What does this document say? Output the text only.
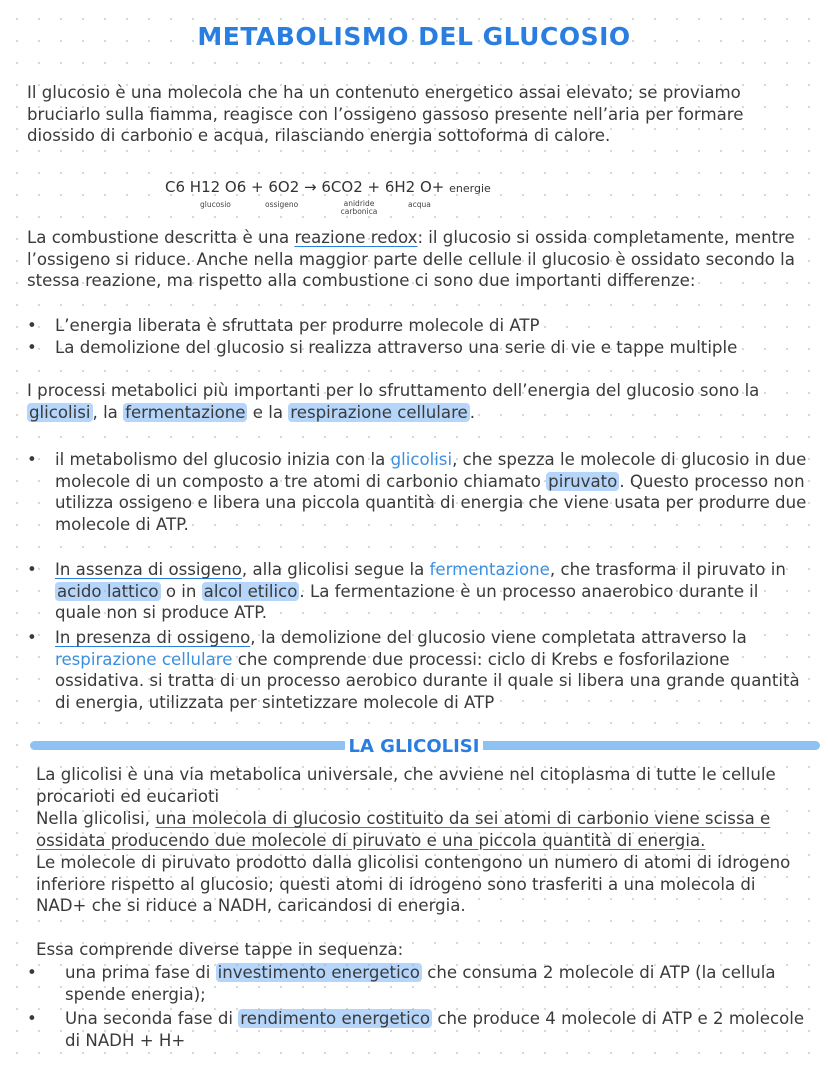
METABOLISMO DEL GLUCOSIO

Il glucosio è una molecola che ha un contenuto energetico assai elevato; se proviamo bruciarlo sulla fiamma, reagisce con l’ossigeno gassoso presente nell’aria per formare diossido di carbonio e acqua, rilasciando energia sottoforma di calore.

C6 H12 O6 + 6O2 → 6CO2 + 6H2 O+ energie
glucosio	ossigeno	anidride carbonica
acqua

La combustione descritta è una reazione redox: il glucosio si ossida completamente, mentre l’ossigeno si riduce. Anche nella maggior parte delle cellule il glucosio è ossidato secondo la stessa reazione, ma rispetto alla combustione ci sono due importanti differenze:

• L’energia liberata è sfruttata per produrre molecole di ATP
• La demolizione del glucosio si realizza attraverso una serie di vie e tappe multiple

I processi metabolici più importanti per lo sfruttamento dell’energia del glucosio sono la glicolisi , la fermentazione e la respirazione cellulare .

• il metabolismo del glucosio inizia con la glicolisi, che spezza le molecole di glucosio in due molecole di un composto a tre atomi di carbonio chiamato piruvato . Questo processo non utilizza ossigeno e libera una piccola quantità di energia che viene usata per produrre due molecole di ATP.
• In assenza di ossigeno, alla glicolisi segue la fermentazione, che trasforma il piruvato in acido lattico o in alcol etilico . La fermentazione è un processo anaerobico durante il quale non si produce ATP.
• In presenza di ossigeno, la demolizione del glucosio viene completata attraverso la respirazione cellulare che comprende due processi: ciclo di Krebs e fosforilazione ossidativa. si tratta di un processo aerobico durante il quale si libera una grande quantità di energia, utilizzata per sintetizzare molecole di ATP
LA GLICOLISI

La glicolisi è una via metabolica universale, che avviene nel citoplasma di tutte le cellule procarioti ed eucarioti

Nella glicolisi, una molecola di glucosio costituito da sei atomi di carbonio viene scissa e ossidata producendo due molecole di piruvato e una piccola quantità di energia.

Le molecole di piruvato prodotto dalla glicolisi contengono un numero di atomi di idrogeno inferiore rispetto al glucosio; questi atomi di idrogeno sono trasferiti a una molecola di NAD+ che si riduce a NADH, caricandosi di energia.

Essa comprende diverse tappe in sequenza:

• una prima fase di investimento energetico che consuma 2 molecole di ATP (la cellula spende energia);
• Una seconda fase di rendimento energetico che produce 4 molecole di ATP e 2 molecole di NADH + H+
